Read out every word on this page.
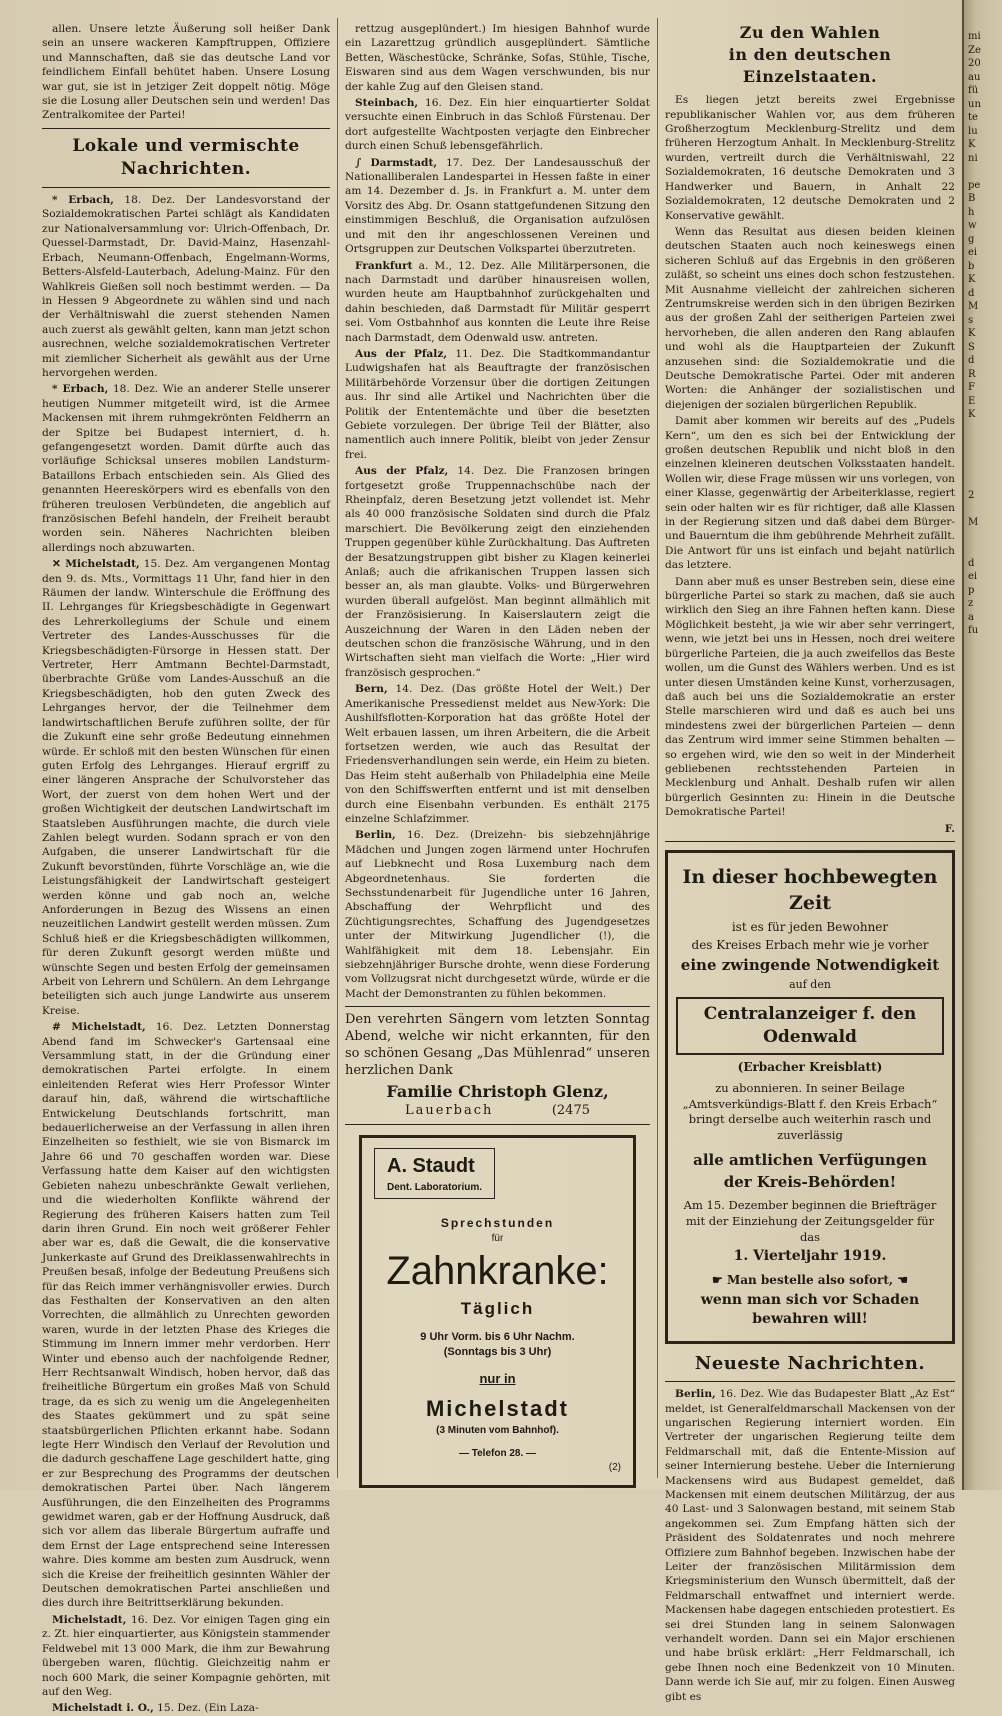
allen. Unsere letzte Äußerung soll heißer Dank sein an unsere wackeren Kampftruppen, Offiziere und Mannschaften, daß sie das deutsche Land vor feindlichem Einfall behütet haben. Unsere Losung war gut, sie ist in jetziger Zeit doppelt nötig. Möge sie die Losung aller Deutschen sein und werden! Das Zentralkomitee der Partei!

Lokale und vermischte Nachrichten.

* Erbach, 18. Dez. Der Landesvorstand der Sozialdemokratischen Partei schlägt als Kandidaten zur Nationalversammlung vor: Ulrich-Offenbach, Dr. Quessel-Darmstadt, Dr. David-Mainz, Hasenzahl-Erbach, Neumann-Offenbach, Engelmann-Worms, Betters-Alsfeld-Lauterbach, Adelung-Mainz. Für den Wahlkreis Gießen soll noch bestimmt werden. — Da in Hessen 9 Abgeordnete zu wählen sind und nach der Verhältniswahl die zuerst stehenden Namen auch zuerst als gewählt gelten, kann man jetzt schon ausrechnen, welche sozialdemokratischen Vertreter mit ziemlicher Sicherheit als gewählt aus der Urne hervorgehen werden.

* Erbach, 18. Dez. Wie an anderer Stelle unserer heutigen Nummer mitgeteilt wird, ist die Armee Mackensen mit ihrem ruhmgekrönten Feldherrn an der Spitze bei Budapest interniert, d. h. gefangengesetzt worden. Damit dürfte auch das vorläufige Schicksal unseres mobilen Landsturm-Bataillons Erbach entschieden sein. Als Glied des genannten Heereskörpers wird es ebenfalls von den früheren treulosen Verbündeten, die angeblich auf französischen Befehl handeln, der Freiheit beraubt worden sein. Näheres Nachrichten bleiben allerdings noch abzuwarten.

✕ Michelstadt, 15. Dez. Am vergangenen Montag den 9. ds. Mts., Vormittags 11 Uhr, fand hier in den Räumen der landw. Winterschule die Eröffnung des II. Lehrganges für Kriegsbeschädigte in Gegenwart des Lehrerkollegiums der Schule und einem Vertreter des Landes-Ausschusses für die Kriegsbeschädigten-Fürsorge in Hessen statt. Der Vertreter, Herr Amtmann Bechtel-Darmstadt, überbrachte Grüße vom Landes-Ausschuß an die Kriegsbeschädigten, hob den guten Zweck des Lehrganges hervor, der die Teilnehmer dem landwirtschaftlichen Berufe zuführen sollte, der für die Zukunft eine sehr große Bedeutung einnehmen würde. Er schloß mit den besten Wünschen für einen guten Erfolg des Lehrganges. Hierauf ergriff zu einer längeren Ansprache der Schulvorsteher das Wort, der zuerst von dem hohen Wert und der großen Wichtigkeit der deutschen Landwirtschaft im Staatsleben Ausführungen machte, die durch viele Zahlen belegt wurden. Sodann sprach er von den Aufgaben, die unserer Landwirtschaft für die Zukunft bevorstünden, führte Vorschläge an, wie die Leistungsfähigkeit der Landwirtschaft gesteigert werden könne und gab noch an, welche Anforderungen in Bezug des Wissens an einen neuzeitlichen Landwirt gestellt werden müssen. Zum Schluß hieß er die Kriegsbeschädigten willkommen, für deren Zukunft gesorgt werden müßte und wünschte Segen und besten Erfolg der gemeinsamen Arbeit von Lehrern und Schülern. An dem Lehrgange beteiligten sich auch junge Landwirte aus unserem Kreise.

# Michelstadt, 16. Dez. Letzten Donnerstag Abend fand im Schwecker's Gartensaal eine Versammlung statt, in der die Gründung einer demokratischen Partei erfolgte. In einem einleitenden Referat wies Herr Professor Winter darauf hin, daß, während die wirtschaftliche Entwickelung Deutschlands fortschritt, man bedauerlicherweise an der Verfassung in allen ihren Einzelheiten so festhielt, wie sie von Bismarck im Jahre 66 und 70 geschaffen worden war. Diese Verfassung hatte dem Kaiser auf den wichtigsten Gebieten nahezu unbeschränkte Gewalt verliehen, und die wiederholten Konflikte während der Regierung des früheren Kaisers hatten zum Teil darin ihren Grund. Ein noch weit größerer Fehler aber war es, daß die Gewalt, die die konservative Junkerkaste auf Grund des Dreiklassenwahlrechts in Preußen besaß, infolge der Bedeutung Preußens sich für das Reich immer verhängnisvoller erwies. Durch das Festhalten der Konservativen an den alten Vorrechten, die allmählich zu Unrechten geworden waren, wurde in der letzten Phase des Krieges die Stimmung im Innern immer mehr verdorben. Herr Winter und ebenso auch der nachfolgende Redner, Herr Rechtsanwalt Windisch, hoben hervor, daß das freiheitliche Bürgertum ein großes Maß von Schuld trage, da es sich zu wenig um die Angelegenheiten des Staates gekümmert und zu spät seine staatsbürgerlichen Pflichten erkannt habe. Sodann legte Herr Windisch den Verlauf der Revolution und die dadurch geschaffene Lage geschildert hatte, ging er zur Besprechung des Programms der deutschen demokratischen Partei über. Nach längerem Ausführungen, die den Einzelheiten des Programms gewidmet waren, gab er der Hoffnung Ausdruck, daß sich vor allem das liberale Bürgertum aufraffe und dem Ernst der Lage entsprechend seine Interessen wahre. Dies komme am besten zum Ausdruck, wenn sich die Kreise der freiheitlich gesinnten Wähler der Deutschen demokratischen Partei anschließen und dies durch ihre Beitrittserklärung bekunden.

Michelstadt, 16. Dez. Vor einigen Tagen ging ein z. Zt. hier einquartierter, aus Königstein stammender Feldwebel mit 13 000 Mark, die ihm zur Bewahrung übergeben waren, flüchtig. Gleichzeitig nahm er noch 600 Mark, die seiner Kompagnie gehörten, mit auf den Weg.

Michelstadt i. O., 15. Dez. (Ein Laza-

rettzug ausgeplündert.) Im hiesigen Bahnhof wurde ein Lazarettzug gründlich ausgeplündert. Sämtliche Betten, Wäschestücke, Schränke, Sofas, Stühle, Tische, Eiswaren sind aus dem Wagen verschwunden, bis nur der kahle Zug auf den Gleisen stand.

Steinbach, 16. Dez. Ein hier einquartierter Soldat versuchte einen Einbruch in das Schloß Fürstenau. Der dort aufgestellte Wachtposten verjagte den Einbrecher durch einen Schuß lebensgefährlich.

∫ Darmstadt, 17. Dez. Der Landesausschuß der Nationalliberalen Landespartei in Hessen faßte in einer am 14. Dezember d. Js. in Frankfurt a. M. unter dem Vorsitz des Abg. Dr. Osann stattgefundenen Sitzung den einstimmigen Beschluß, die Organisation aufzulösen und mit den ihr angeschlossenen Vereinen und Ortsgruppen zur Deutschen Volkspartei überzutreten.

Frankfurt a. M., 12. Dez. Alle Militärpersonen, die nach Darmstadt und darüber hinausreisen wollen, wurden heute am Hauptbahnhof zurückgehalten und dahin beschieden, daß Darmstadt für Militär gesperrt sei. Vom Ostbahnhof aus konnten die Leute ihre Reise nach Darmstadt, dem Odenwald usw. antreten.

Aus der Pfalz, 11. Dez. Die Stadtkommandantur Ludwigshafen hat als Beauftragte der französischen Militärbehörde Vorzensur über die dortigen Zeitungen aus. Ihr sind alle Artikel und Nachrichten über die Politik der Ententemächte und über die besetzten Gebiete vorzulegen. Der übrige Teil der Blätter, also namentlich auch innere Politik, bleibt von jeder Zensur frei.

Aus der Pfalz, 14. Dez. Die Franzosen bringen fortgesetzt große Truppennachschübe nach der Rheinpfalz, deren Besetzung jetzt vollendet ist. Mehr als 40 000 französische Soldaten sind durch die Pfalz marschiert. Die Bevölkerung zeigt den einziehenden Truppen gegenüber kühle Zurückhaltung. Das Auftreten der Besatzungstruppen gibt bisher zu Klagen keinerlei Anlaß; auch die afrikanischen Truppen lassen sich besser an, als man glaubte. Volks- und Bürgerwehren wurden überall aufgelöst. Man beginnt allmählich mit der Französisierung. In Kaiserslautern zeigt die Auszeichnung der Waren in den Läden neben der deutschen schon die französische Währung, und in den Wirtschaften sieht man vielfach die Worte: „Hier wird französisch gesprochen.“

Bern, 14. Dez. (Das größte Hotel der Welt.) Der Amerikanische Pressedienst meldet aus New-York: Die Aushilfsflotten-Korporation hat das größte Hotel der Welt erbauen lassen, um ihren Arbeitern, die die Arbeit fortsetzen werden, wie auch das Resultat der Friedensverhandlungen sein werde, ein Heim zu bieten. Das Heim steht außerhalb von Philadelphia eine Meile von den Schiffswerften entfernt und ist mit denselben durch eine Eisenbahn verbunden. Es enthält 2175 einzelne Schlafzimmer.

Berlin, 16. Dez. (Dreizehn- bis siebzehnjährige Mädchen und Jungen zogen lärmend unter Hochrufen auf Liebknecht und Rosa Luxemburg nach dem Abgeordnetenhaus. Sie forderten die Sechsstundenarbeit für Jugendliche unter 16 Jahren, Abschaffung der Wehrpflicht und des Züchtigungsrechtes, Schaffung des Jugendgesetzes unter der Mitwirkung Jugendlicher (!), die Wahlfähigkeit mit dem 18. Lebensjahr. Ein siebzehnjähriger Bursche drohte, wenn diese Forderung vom Vollzugsrat nicht durchgesetzt würde, würde er die Macht der Demonstranten zu fühlen bekommen.

Den verehrten Sängern vom letzten Sonntag Abend, welche wir nicht erkannten, für den so schönen Gesang „Das Mühlenrad“ unseren herzlichen Dank
Familie Christoph Glenz,
Lauerbach	(2475
A. Staudt
Dent. Laboratorium.
Sprechstunden
für
Zahnkranke:
Täglich
9 Uhr Vorm. bis 6 Uhr Nachm.
(Sonntags bis 3 Uhr)
nur in
Michelstadt
(3 Minuten vom Bahnhof).
— Telefon 28. —
(2)
Zu den Wahlen
in den deutschen Einzelstaaten.

Es liegen jetzt bereits zwei Ergebnisse republikanischer Wahlen vor, aus dem früheren Großherzogtum Mecklenburg-Strelitz und dem früheren Herzogtum Anhalt. In Mecklenburg-Strelitz wurden, vertreilt durch die Verhältniswahl, 22 Sozialdemokraten, 16 deutsche Demokraten und 3 Handwerker und Bauern, in Anhalt 22 Sozialdemokraten, 12 deutsche Demokraten und 2 Konservative gewählt.

Wenn das Resultat aus diesen beiden kleinen deutschen Staaten auch noch keineswegs einen sicheren Schluß auf das Ergebnis in den größeren zuläßt, so scheint uns eines doch schon festzustehen. Mit Ausnahme vielleicht der zahlreichen sicheren Zentrumskreise werden sich in den übrigen Bezirken aus der großen Zahl der seitherigen Parteien zwei hervorheben, die allen anderen den Rang ablaufen und wohl als die Hauptparteien der Zukunft anzusehen sind: die Sozialdemokratie und die Deutsche Demokratische Partei. Oder mit anderen Worten: die Anhänger der sozialistischen und diejenigen der sozialen bürgerlichen Republik.

Damit aber kommen wir bereits auf des „Pudels Kern“, um den es sich bei der Entwicklung der großen deutschen Republik und nicht bloß in den einzelnen kleineren deutschen Volksstaaten handelt. Wollen wir, diese Frage müssen wir uns vorlegen, von einer Klasse, gegenwärtig der Arbeiterklasse, regiert sein oder halten wir es für richtiger, daß alle Klassen in der Regierung sitzen und daß dabei dem Bürger- und Bauerntum die ihm gebührende Mehrheit zufällt. Die Antwort für uns ist einfach und bejaht natürlich das letztere.

Dann aber muß es unser Bestreben sein, diese eine bürgerliche Partei so stark zu machen, daß sie auch wirklich den Sieg an ihre Fahnen heften kann. Diese Möglichkeit besteht, ja wie wir aber sehr verringert, wenn, wie jetzt bei uns in Hessen, noch drei weitere bürgerliche Parteien, die ja auch zweifellos das Beste wollen, um die Gunst des Wählers werben. Und es ist unter diesen Umständen keine Kunst, vorherzusagen, daß auch bei uns die Sozialdemokratie an erster Stelle marschieren wird und daß es auch bei uns mindestens zwei der bürgerlichen Parteien — denn das Zentrum wird immer seine Stimmen behalten — so ergehen wird, wie den so weit in der Minderheit gebliebenen rechtsstehenden Parteien in Mecklenburg und Anhalt. Deshalb rufen wir allen bürgerlich Gesinnten zu: Hinein in die Deutsche Demokratische Partei!

F.
In dieser hochbewegten Zeit
ist es für jeden Bewohner
des Kreises Erbach mehr wie je vorher
eine zwingende Notwendigkeit
auf den
Centralanzeiger f. den Odenwald
(Erbacher Kreisblatt)
zu abonnieren. In seiner Beilage „Amtsverkündigs-Blatt f. den Kreis Erbach“ bringt derselbe auch weiterhin rasch und zuverlässig
alle amtlichen Verfügungen
der Kreis-Behörden!
Am 15. Dezember beginnen die Briefträger mit der Einziehung der Zeitungsgelder für das
1. Vierteljahr 1919.
☛ Man bestelle also sofort, ☚
wenn man sich vor Schaden bewahren will!
Neueste Nachrichten.

Berlin, 16. Dez. Wie das Budapester Blatt „Az Est“ meldet, ist Generalfeldmarschall Mackensen von der ungarischen Regierung interniert worden. Ein Vertreter der ungarischen Regierung teilte dem Feldmarschall mit, daß die Entente-Mission auf seiner Internierung bestehe. Ueber die Internierung Mackensens wird aus Budapest gemeldet, daß Mackensen mit einem deutschen Militärzug, der aus 40 Last- und 3 Salonwagen bestand, mit seinem Stab angekommen sei. Zum Empfang hätten sich der Präsident des Soldatenrates und noch mehrere Offiziere zum Bahnhof begeben. Inzwischen habe der Leiter der französischen Militärmission dem Kriegsministerium den Wunsch übermittelt, daß der Feldmarschall entwaffnet und interniert werde. Mackensen habe dagegen entschieden protestiert. Es sei drei Stunden lang in seinem Salonwagen verhandelt worden. Dann sei ein Major erschienen und habe brüsk erklärt: „Herr Feldmarschall, ich gebe Ihnen noch eine Bedenkzeit von 10 Minuten. Dann werde ich Sie auf, mir zu folgen. Einen Ausweg gibt es

mi
Ze
20
au
fü
un
te
lu
K
ni

pe
B
h
w
g
ei
b
K
d
M
s
K
S
d
R
F
E
K

2

M

d
ei
p
z
a
fu
